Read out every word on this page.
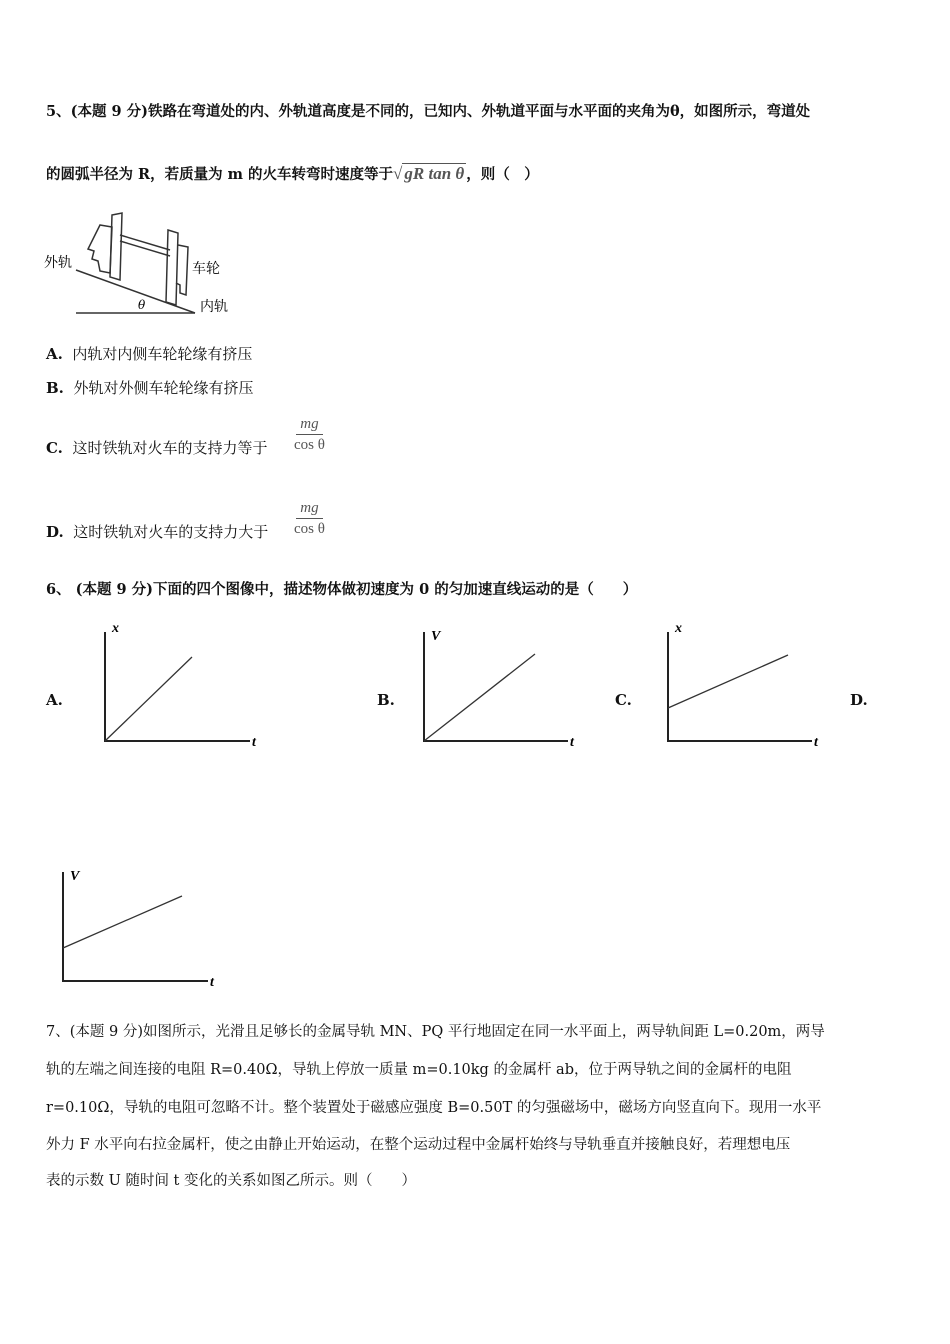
5、(本题 9 分)铁路在弯道处的内、外轨道高度是不同的，已知内、外轨道平面与水平面的夹角为θ，如图所示，弯道处
的圆弧半径为 R，若质量为 m 的火车转弯时速度等于√ gR tan θ ，则（　）
外轨	车轮
内轨
θ
A. 内轨对内侧车轮轮缘有挤压
B. 外轨对外侧车轮轮缘有挤压
C. 这时铁轨对火车的支持力等于 $\frac{mg}{\text{cos θ}}$
D. 这时铁轨对火车的支持力大于 $\frac{mg}{\text{cos θ}}$
6、 (本题 9 分)下面的四个图像中，描述物体做初速度为 0 的匀加速直线运动的是（　　）
A.	B.	C.	D.
x
t
V
t
x
t
V
t
7、(本题 9 分)如图所示，光滑且足够长的金属导轨 MN、PQ 平行地固定在同一水平面上，两导轨间距 L=0.20m，两导
轨的左端之间连接的电阻 R=0.40Ω，导轨上停放一质量 m=0.10kg 的金属杆 ab，位于两导轨之间的金属杆的电阻
r=0.10Ω，导轨的电阻可忽略不计。整个装置处于磁感应强度 B=0.50T 的匀强磁场中，磁场方向竖直向下。现用一水平
外力 F 水平向右拉金属杆，使之由静止开始运动，在整个运动过程中金属杆始终与导轨垂直并接触良好，若理想电压
表的示数 U 随时间 t 变化的关系如图乙所示。则（　　）
